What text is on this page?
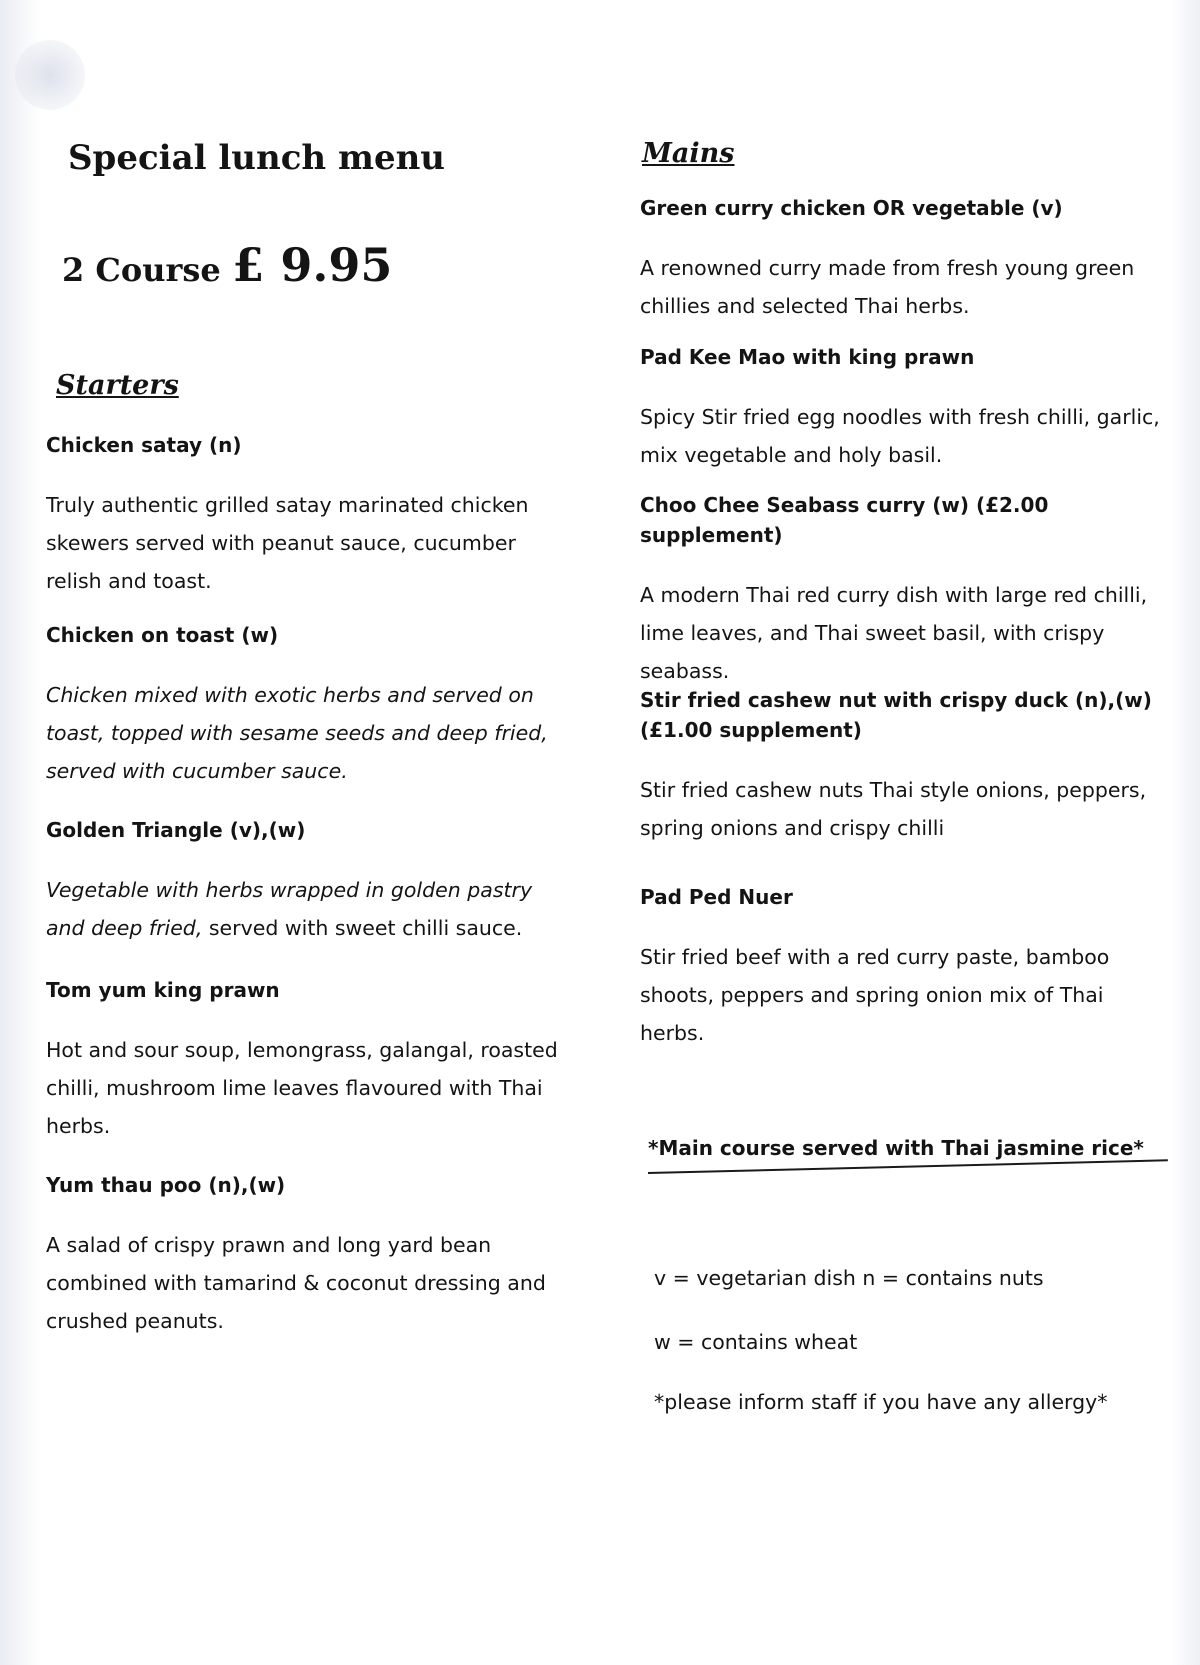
Special lunch menu
2 Course £ 9.95
Starters

Chicken satay (n)

Truly authentic grilled satay marinated chicken skewers served with peanut sauce, cucumber relish and toast.

Chicken on toast (w)

Chicken mixed with exotic herbs and served on toast, topped with sesame seeds and deep fried, served with cucumber sauce.

Golden Triangle (v),(w)

Vegetable with herbs wrapped in golden pastry and deep fried, served with sweet chilli sauce.

Tom yum king prawn

Hot and sour soup, lemongrass, galangal, roasted chilli, mushroom lime leaves flavoured with Thai herbs.

Yum thau poo (n),(w)

A salad of crispy prawn and long yard bean combined with tamarind & coconut dressing and crushed peanuts.

Mains

Green curry chicken OR vegetable (v)

A renowned curry made from fresh young green chillies and selected Thai herbs.

Pad Kee Mao with king prawn

Spicy Stir fried egg noodles with fresh chilli, garlic, mix vegetable and holy basil.

Choo Chee Seabass curry (w) (£2.00 supplement)

A modern Thai red curry dish with large red chilli, lime leaves, and Thai sweet basil, with crispy seabass.

Stir fried cashew nut with crispy duck (n),(w) (£1.00 supplement)

Stir fried cashew nuts Thai style onions, peppers, spring onions and crispy chilli

Pad Ped Nuer

Stir fried beef with a red curry paste, bamboo shoots, peppers and spring onion mix of Thai herbs.

*Main course served with Thai jasmine rice*
v = vegetarian dish n = contains nuts
w = contains wheat
*please inform staff if you have any allergy*
